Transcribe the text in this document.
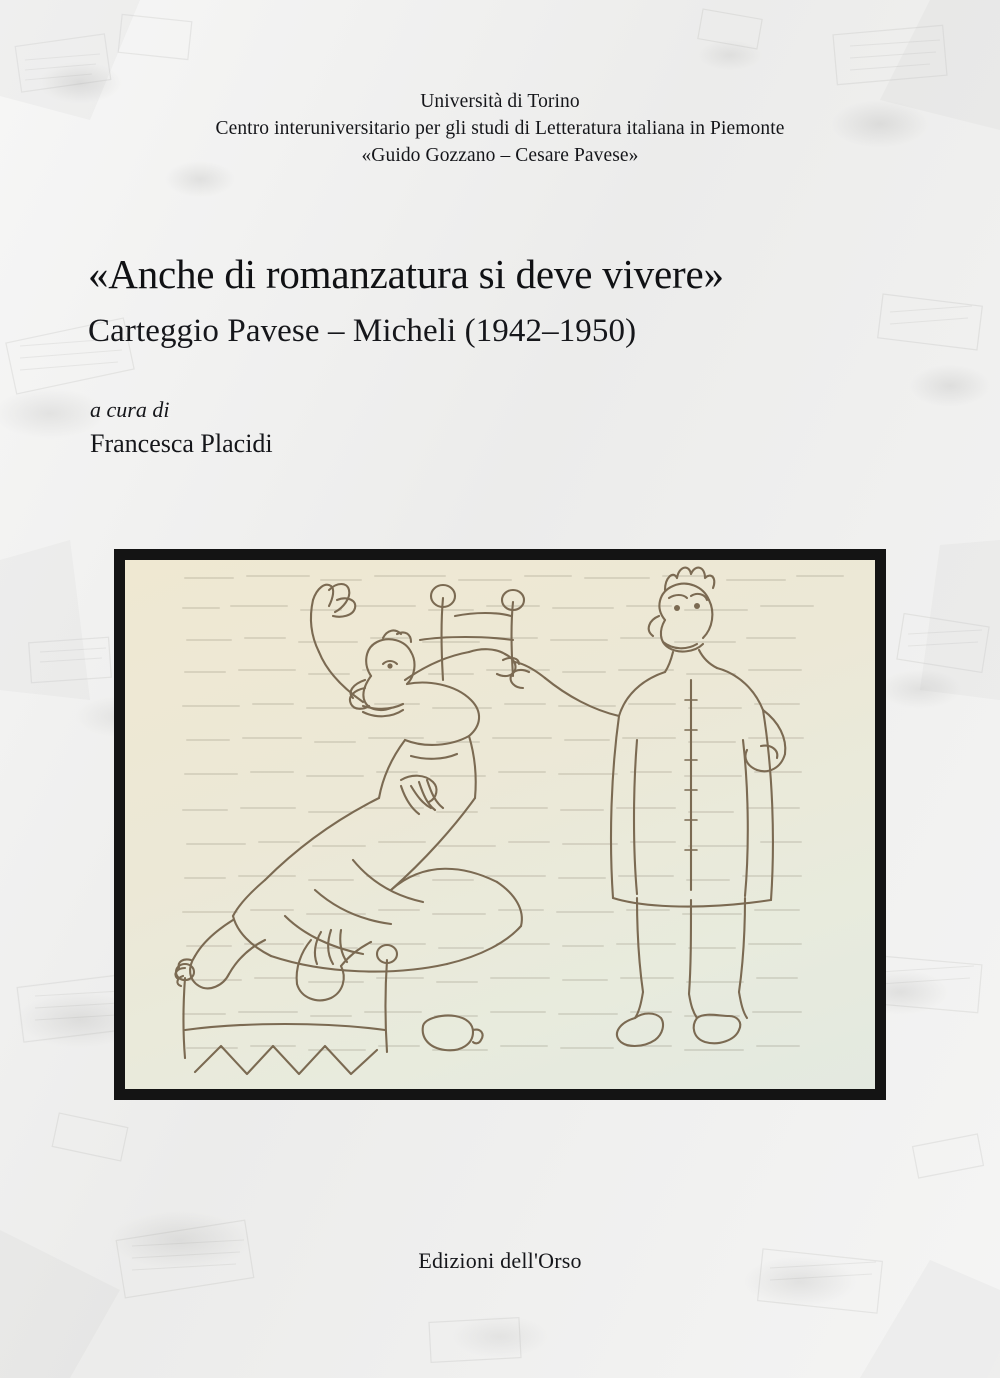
Università di Torino
Centro interuniversitario per gli studi di Letteratura italiana in Piemonte
«Guido Gozzano – Cesare Pavese»
«Anche di romanzatura si deve vivere»
Carteggio Pavese – Micheli (1942–1950)
a cura di
Francesca Placidi
Edizioni dell'Orso
